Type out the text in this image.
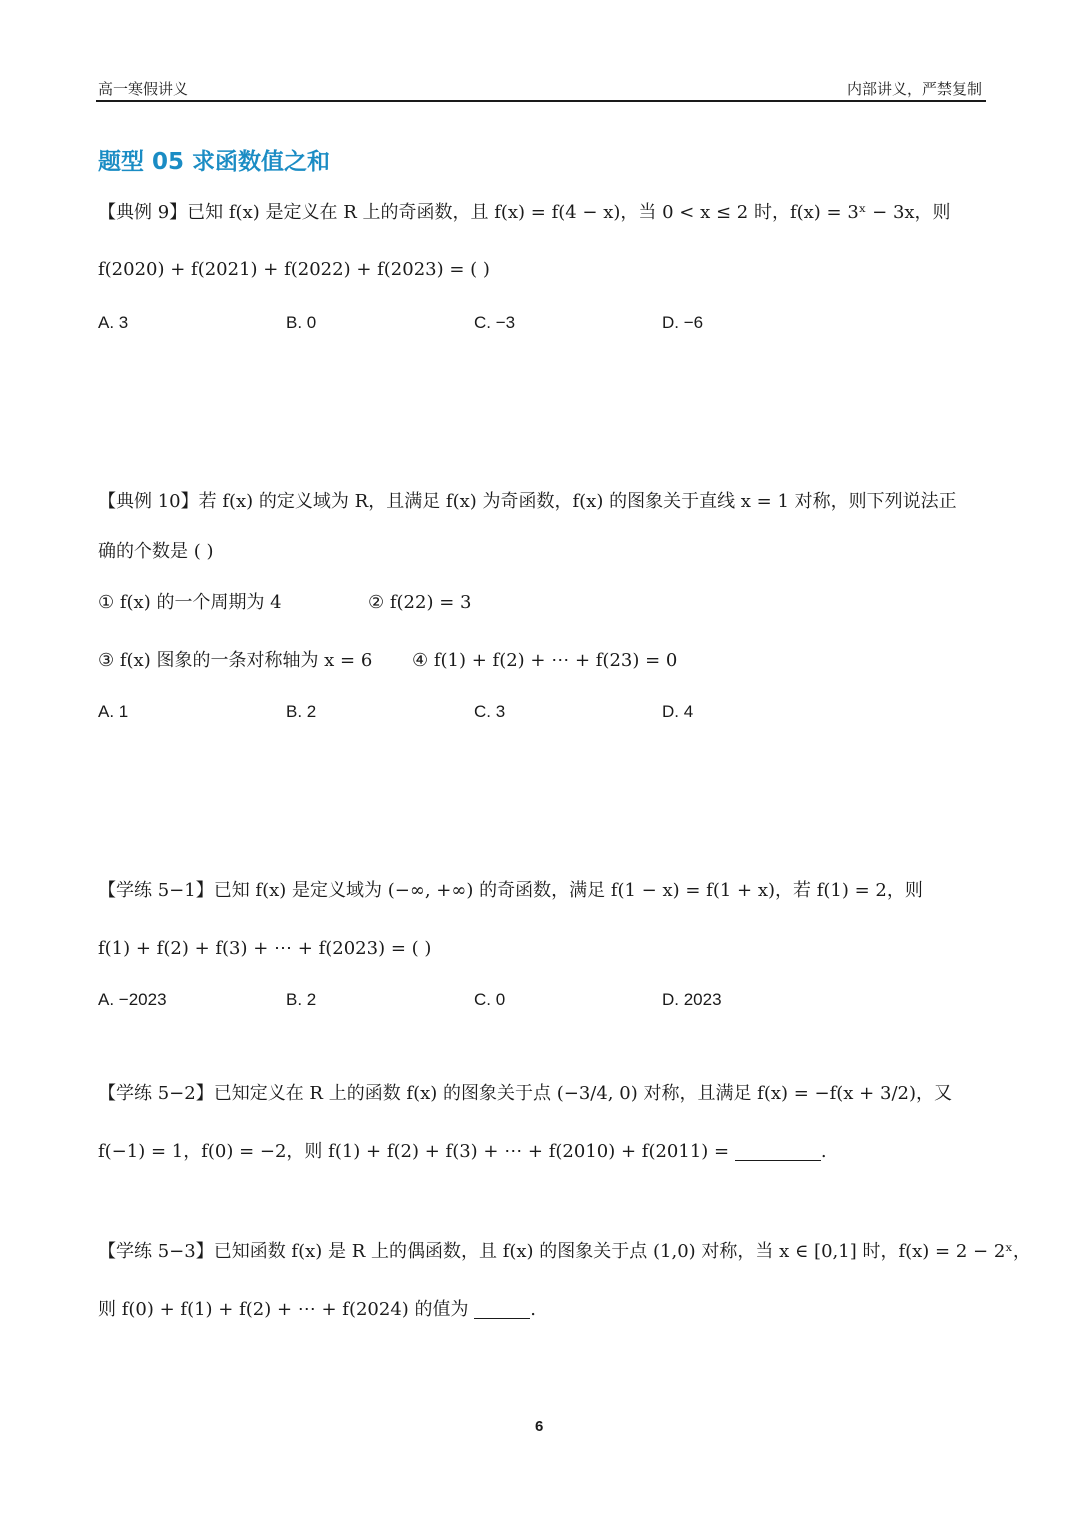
高一寒假讲义	内部讲义，严禁复制
题型 05 求函数值之和
【典例 9】已知 f(x) 是定义在 R 上的奇函数，且 f(x) = f(4 − x)，当 0 < x ≤ 2 时，f(x) = 3ˣ − 3x，则
f(2020) + f(2021) + f(2022) + f(2023) = ( )
A. 3	B. 0	C. −3	D. −6
【典例 10】若 f(x) 的定义域为 R，且满足 f(x) 为奇函数，f(x) 的图象关于直线 x = 1 对称，则下列说法正
确的个数是 ( )
① f(x) 的一个周期为 4	② f(22) = 3
③ f(x) 图象的一条对称轴为 x = 6 ④ f(1) + f(2) + ⋯ + f(23) = 0
A. 1	B. 2	C. 3	D. 4
【学练 5−1】已知 f(x) 是定义域为 (−∞, +∞) 的奇函数，满足 f(1 − x) = f(1 + x)，若 f(1) = 2，则
f(1) + f(2) + f(3) + ⋯ + f(2023) = ( )
A. −2023	B. 2	C. 0	D. 2023
【学练 5−2】已知定义在 R 上的函数 f(x) 的图象关于点 (−3/4, 0) 对称，且满足 f(x) = −f(x + 3/2)，又
f(−1) = 1，f(0) = −2，则 f(1) + f(2) + f(3) + ⋯ + f(2010) + f(2011) =	.
【学练 5−3】已知函数 f(x) 是 R 上的偶函数，且 f(x) 的图象关于点 (1,0) 对称，当 x ∈ [0,1] 时，f(x) = 2 − 2ˣ，
则 f(0) + f(1) + f(2) + ⋯ + f(2024) 的值为	.
6
